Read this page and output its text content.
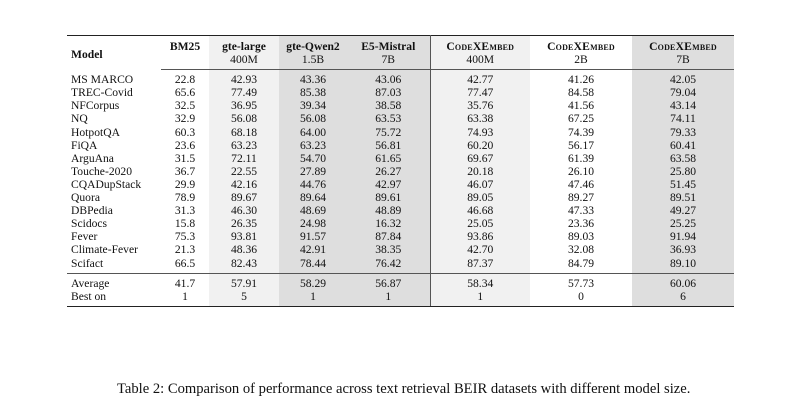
Model	BM25	gte-large	gte-Qwen2	E5-Mistral	CodeXEmbed	CodeXEmbed	CodeXEmbed
		400M	1.5B	7B	400M	2B	7B
MS MARCO	22.8	42.93	43.36	43.06	42.77	41.26	42.05
TREC-Covid	65.6	77.49	85.38	87.03	77.47	84.58	79.04
NFCorpus	32.5	36.95	39.34	38.58	35.76	41.56	43.14
NQ	32.9	56.08	56.08	63.53	63.38	67.25	74.11
HotpotQA	60.3	68.18	64.00	75.72	74.93	74.39	79.33
FiQA	23.6	63.23	63.23	56.81	60.20	56.17	60.41
ArguAna	31.5	72.11	54.70	61.65	69.67	61.39	63.58
Touche-2020	36.7	22.55	27.89	26.27	20.18	26.10	25.80
CQADupStack	29.9	42.16	44.76	42.97	46.07	47.46	51.45
Quora	78.9	89.67	89.64	89.61	89.05	89.27	89.51
DBPedia	31.3	46.30	48.69	48.89	46.68	47.33	49.27
Scidocs	15.8	26.35	24.98	16.32	25.05	23.36	25.25
Fever	75.3	93.81	91.57	87.84	93.86	89.03	91.94
Climate-Fever	21.3	48.36	42.91	38.35	42.70	32.08	36.93
Scifact	66.5	82.43	78.44	76.42	87.37	84.79	89.10
Average	41.7	57.91	58.29	56.87	58.34	57.73	60.06
Best on	1	5	1	1	1	0	6
Table 2: Comparison of performance across text retrieval BEIR datasets with different model size.
